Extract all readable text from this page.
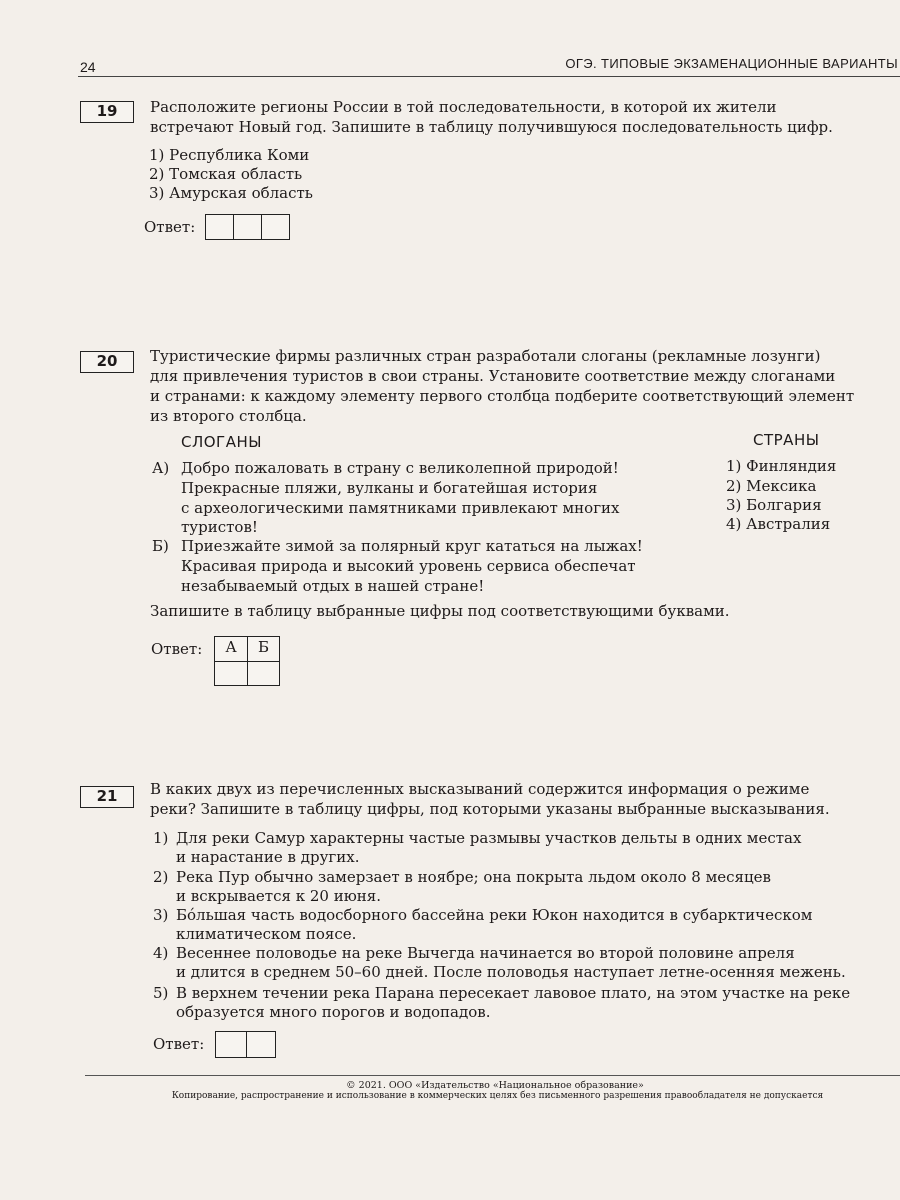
24	ОГЭ. ТИПОВЫЕ ЭКЗАМЕНАЦИОННЫЕ ВАРИАНТЫ
19	Расположите регионы России в той последовательности, в которой их жители
встречают Новый год. Запишите в таблицу получившуюся последовательность цифр.
1) Республика Коми
2) Томская область
3) Амурская область
Ответ:
20	Туристические фирмы различных стран разработали слоганы (рекламные лозунги)
для привлечения туристов в свои страны. Установите соответствие между слоганами
и странами: к каждому элементу первого столбца подберите соответствующий элемент
из второго столбца.
СЛОГАНЫ	СТРАНЫ
А) Добро пожаловать в страну с великолепной природой!
Прекрасные пляжи, вулканы и богатейшая история
с археологическими памятниками привлекают многих
туристов!
Б) Приезжайте зимой за полярный круг кататься на лыжах!
Красивая природа и высокий уровень сервиса обеспечат
незабываемый отдых в нашей стране!
1) Финляндия
2) Мексика
3) Болгария
4) Австралия
Запишите в таблицу выбранные цифры под соответствующими буквами.
Ответ:	А	Б
21	В каких двух из перечисленных высказываний содержится информация о режиме
реки? Запишите в таблицу цифры, под которыми указаны выбранные высказывания.
1) Для реки Самур характерны частые размывы участков дельты в одних местах
и нарастание в других.
2) Река Пур обычно замерзает в ноябре; она покрыта льдом около 8 месяцев
и вскрывается к 20 июня.
3) Бóльшая часть водосборного бассейна реки Юкон находится в субарктическом
климатическом поясе.
4) Весеннее половодье на реке Вычегда начинается во второй половине апреля
и длится в среднем 50–60 дней. После половодья наступает летне-осенняя межень.
5) В верхнем течении река Парана пересекает лавовое плато, на этом участке на реке
образуется много порогов и водопадов.
Ответ:
© 2021. ООО «Издательство «Национальное образование»
Копирование, распространение и использование в коммерческих целях без письменного разрешения правообладателя не допускается
